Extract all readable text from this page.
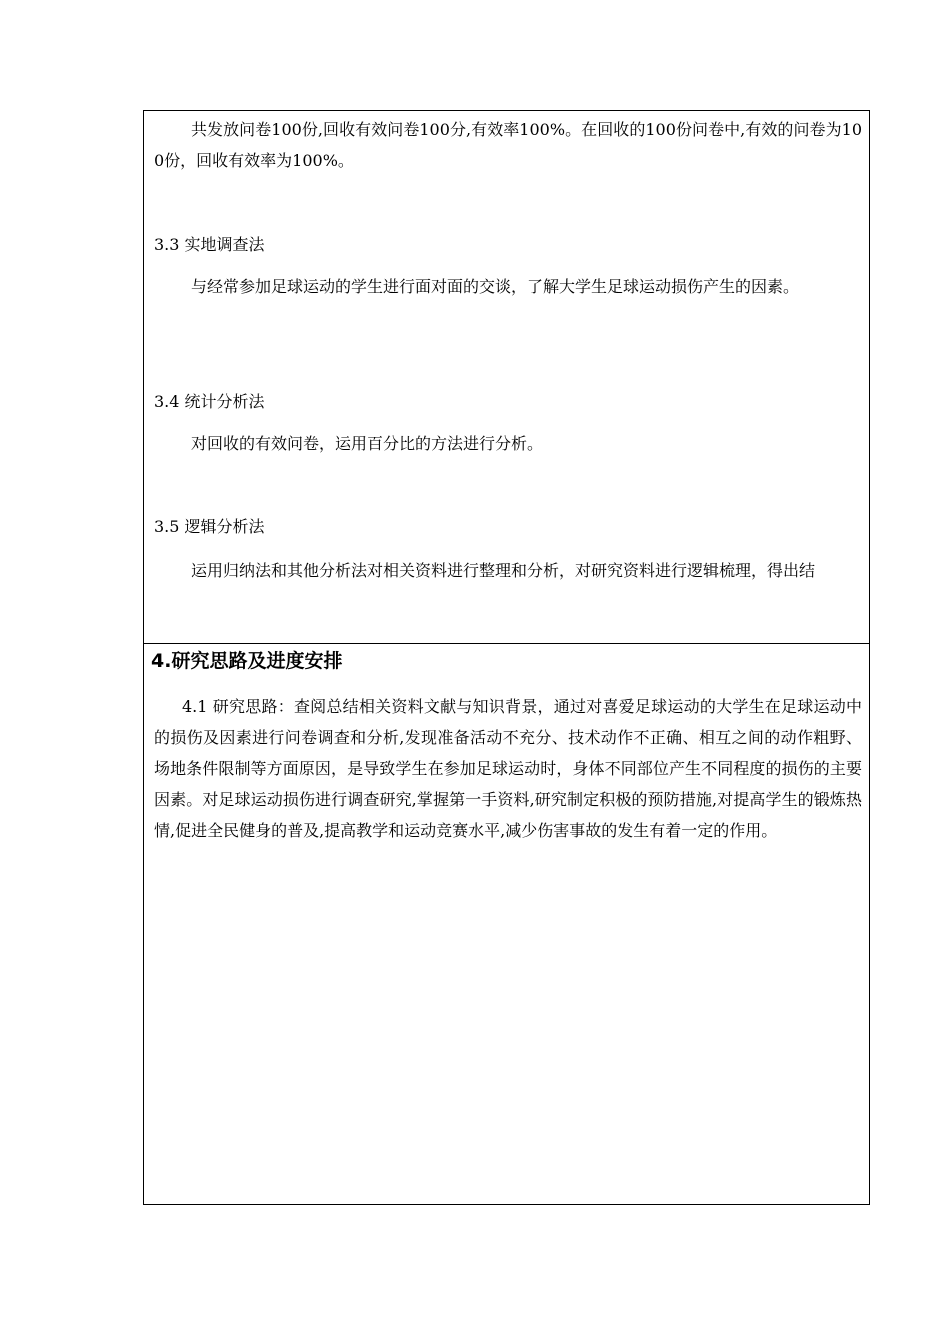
共发放问卷100份,回收有效问卷100分,有效率100%。在回收的100份问卷中,有效的问卷为100份，回收有效率为100%。

3.3 实地调查法

与经常参加足球运动的学生进行面对面的交谈，了解大学生足球运动损伤产生的因素。

3.4 统计分析法

对回收的有效问卷，运用百分比的方法进行分析。

3.5 逻辑分析法

运用归纳法和其他分析法对相关资料进行整理和分析，对研究资料进行逻辑梳理，得出结

4.研究思路及进度安排

4.1 研究思路：查阅总结相关资料文献与知识背景，通过对喜爱足球运动的大学生在足球运动中的损伤及因素进行问卷调查和分析,发现准备活动不充分、技术动作不正确、相互之间的动作粗野、场地条件限制等方面原因，是导致学生在参加足球运动时，身体不同部位产生不同程度的损伤的主要因素。对足球运动损伤进行调查研究,掌握第一手资料,研究制定积极的预防措施,对提高学生的锻炼热情,促进全民健身的普及,提高教学和运动竞赛水平,减少伤害事故的发生有着一定的作用。
